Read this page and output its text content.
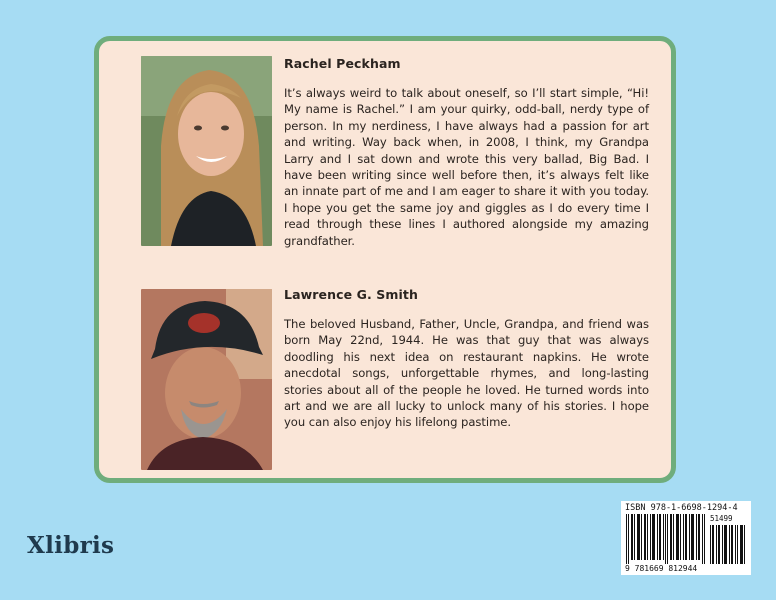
Rachel Peckham

It’s always weird to talk about oneself, so I’ll start simple, “Hi! My name is Rachel.” I am your quirky, odd-ball, nerdy type of person. In my nerdiness, I have always had a passion for art and writing. Way back when, in 2008, I think, my Grandpa Larry and I sat down and wrote this very ballad, Big Bad. I have been writing since well before then, it’s always felt like an innate part of me and I am eager to share it with you today. I hope you get the same joy and giggles as I do every time I read through these lines I authored alongside my amazing grandfather.

Lawrence G. Smith

The beloved Husband, Father, Uncle, Grandpa, and friend was born May 22nd, 1944. He was that guy that was always doodling his next idea on restaurant napkins. He wrote anecdotal songs, unforgettable rhymes, and long-lasting stories about all of the people he loved. He turned words into art and we are all lucky to unlock many of his stories. I hope you can also enjoy his lifelong pastime.

Xlibris
ISBN 978-1-6698-1294-4
51499
9 781669 812944
